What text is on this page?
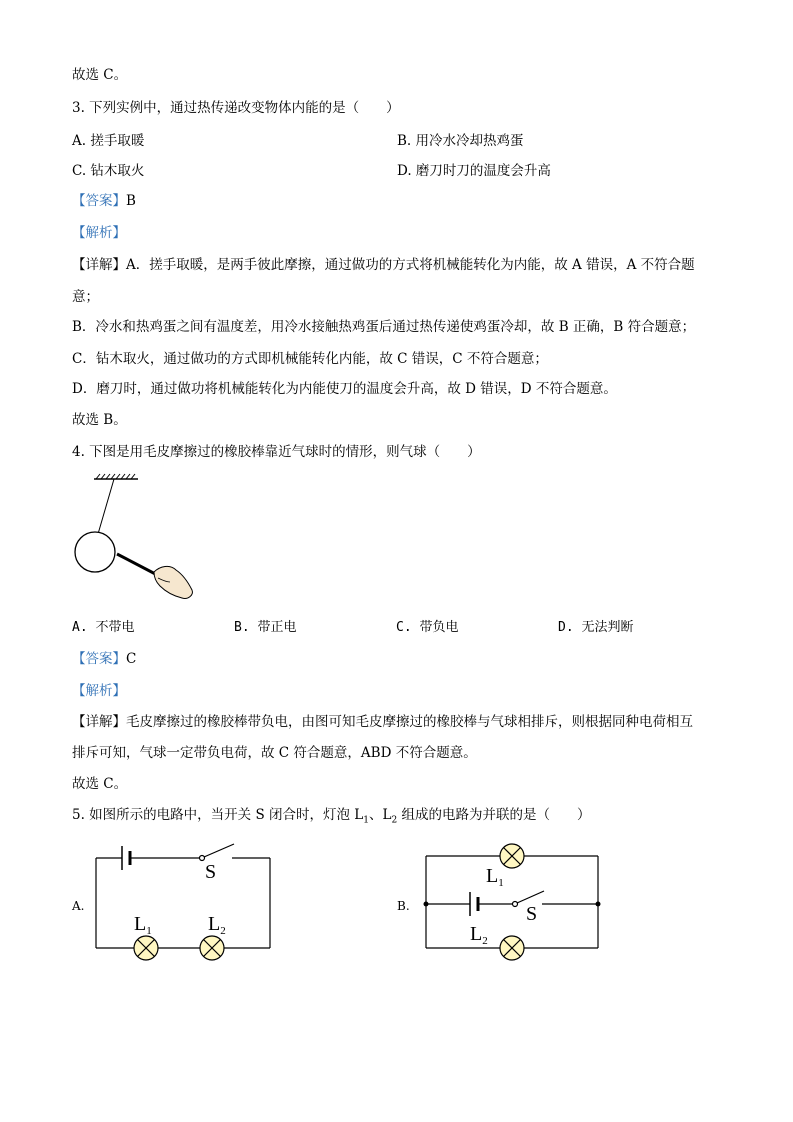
故选 C。
3. 下列实例中，通过热传递改变物体内能的是（　　）
A. 搓手取暖	B. 用冷水冷却热鸡蛋
C. 钻木取火	D. 磨刀时刀的温度会升高
【答案】B
【解析】
【详解】A．搓手取暖，是两手彼此摩擦，通过做功的方式将机械能转化为内能，故 A 错误，A 不符合题
意；
B．冷水和热鸡蛋之间有温度差，用冷水接触热鸡蛋后通过热传递使鸡蛋冷却，故 B 正确，B 符合题意；
C．钻木取火，通过做功的方式即机械能转化内能，故 C 错误，C 不符合题意；
D．磨刀时，通过做功将机械能转化为内能使刀的温度会升高，故 D 错误，D 不符合题意。
故选 B。
4. 下图是用毛皮摩擦过的橡胶棒靠近气球时的情形，则气球（　　）
A. 不带电	B. 带正电	C. 带负电	D. 无法判断
【答案】C
【解析】
【详解】毛皮摩擦过的橡胶棒带负电，由图可知毛皮摩擦过的橡胶棒与气球相排斥，则根据同种电荷相互
排斥可知，气球一定带负电荷，故 C 符合题意，ABD 不符合题意。
故选 C。
5. 如图所示的电路中，当开关 S 闭合时，灯泡 $L_1$、$L_2$ 组成的电路为并联的是（　　）
A.
S
$L_1$	$L_2$
B.
$L_1$
S
$L_2$
